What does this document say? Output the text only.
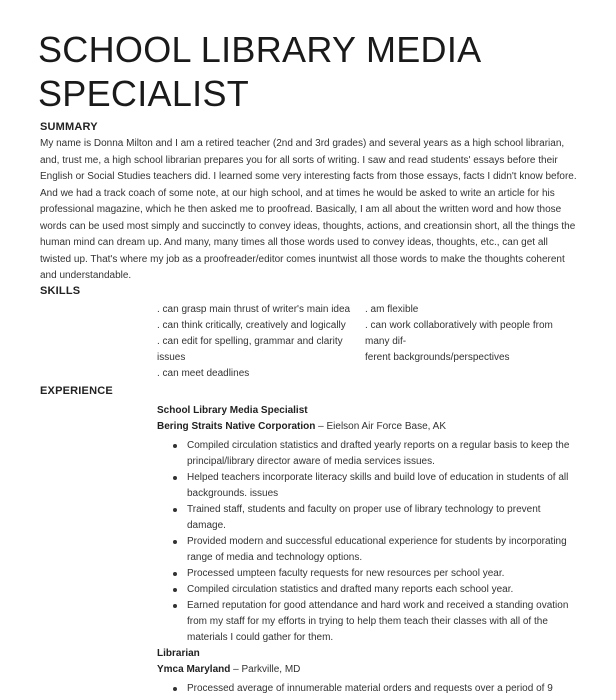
SCHOOL LIBRARY MEDIA SPECIALIST
SUMMARY

My name is Donna Milton and I am a retired teacher (2nd and 3rd grades) and several years as a high school librarian, and, trust me, a high school librarian prepares you for all sorts of writing. I saw and read students' essays before their English or Social Studies teachers did. I learned some very interesting facts from those essays, facts I didn't know before. And we had a track coach of some note, at our high school, and at times he would be asked to write an article for his professional magazine, which he then asked me to proofread. Basically, I am all about the written word and how those words can be used most simply and succinctly to convey ideas, thoughts, actions, and creationsin short, all the things the human mind can dream up. And many, many times all those words used to convey ideas, thoughts, etc., can get all twisted up. That's where my job as a proofreader/editor comes inuntwist all those words to make the thoughts coherent and understandable.

SKILLS
. can grasp main thrust of writer's main idea
. can think critically, creatively and logically
. can edit for spelling, grammar and clarity
issues
. can meet deadlines
. am flexible
. can work collaboratively with people from
many dif-
ferent backgrounds/perspectives
EXPERIENCE
School Library Media Specialist
Bering Straits Native Corporation – Eielson Air Force Base, AK
Compiled circulation statistics and drafted yearly reports on a regular basis to keep the principal/library director aware of media services issues.
Helped teachers incorporate literacy skills and build love of education in students of all backgrounds. issues
Trained staff, students and faculty on proper use of library technology to prevent damage.
Provided modern and successful educational experience for students by incorporating range of media and technology options.
Processed umpteen faculty requests for new resources per school year.
Compiled circulation statistics and drafted many reports each school year.
Earned reputation for good attendance and hard work and received a standing ovation from my staff for my efforts in trying to help them teach their classes with all of the materials I could gather for them.
Librarian
Ymca Maryland – Parkville, MD
Processed average of innumerable material orders and requests over a period of 9
